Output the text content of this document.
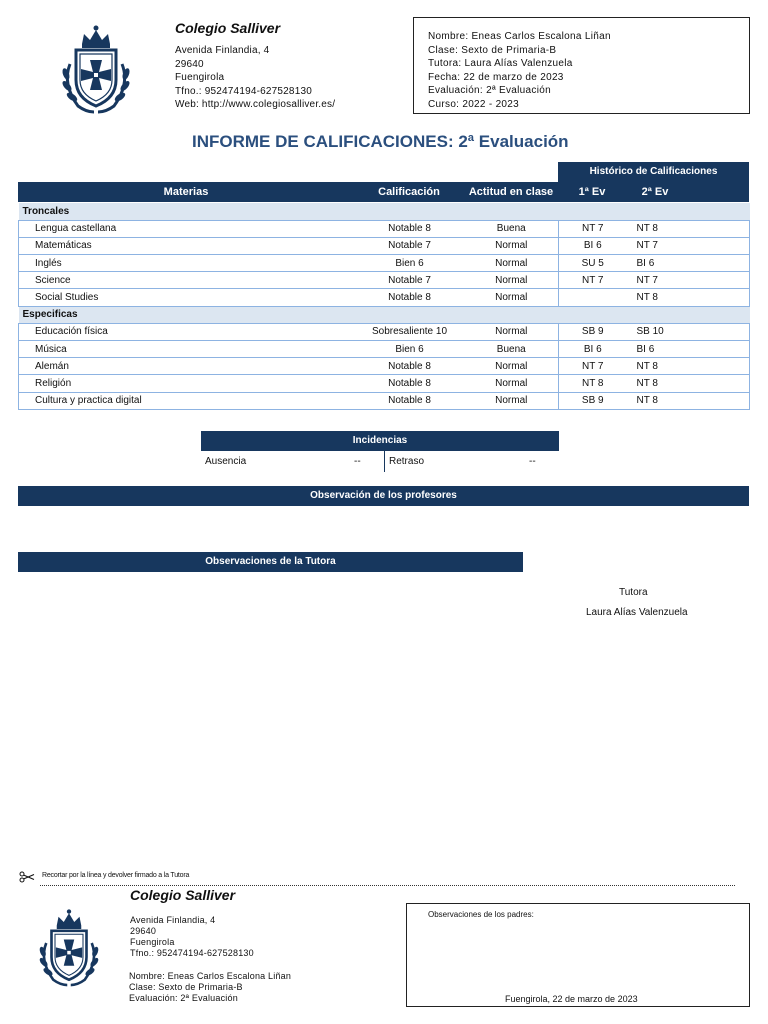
Colegio Salliver
Avenida Finlandia, 4
29640
Fuengirola
Tfno.: 952474194-627528130
Web: http://www.colegiosalliver.es/
Nombre: Eneas Carlos Escalona Liñan
Clase: Sexto de Primaria-B
Tutora: Laura Alías Valenzuela
Fecha: 22 de marzo de 2023
Evaluación: 2ª Evaluación
Curso: 2022 - 2023
INFORME DE CALIFICACIONES: 2ª Evaluación
Histórico de Calificaciones
Materias	Calificación	Actitud en clase	1ª Ev	2ª Ev
Troncales				
Lengua castellana	Notable 8	Buena	NT 7	NT 8
Matemáticas	Notable 7	Normal	BI 6	NT 7
Inglés	Bien 6	Normal	SU 5	BI 6
Science	Notable 7	Normal	NT 7	NT 7
Social Studies	Notable 8	Normal		NT 8
Especificas				
Educación física	Sobresaliente 10	Normal	SB 9	SB 10
Música	Bien 6	Buena	BI 6	BI 6
Alemán	Notable 8	Normal	NT 7	NT 8
Religión	Notable 8	Normal	NT 8	NT 8
Cultura y practica digital	Notable 8	Normal	SB 9	NT 8
Incidencias
Ausencia	--	Retraso	--
Observación de los profesores
Observaciones de la Tutora
Tutora
Laura Alías Valenzuela
Recortar por la línea y devolver firmado a la Tutora
Colegio Salliver
Avenida Finlandia, 4
29640
Fuengirola
Tfno.: 952474194-627528130
Nombre: Eneas Carlos Escalona Liñan
Clase: Sexto de Primaria-B
Evaluación: 2ª Evaluación
Observaciones de los padres:
Fuengirola, 22 de marzo de 2023
